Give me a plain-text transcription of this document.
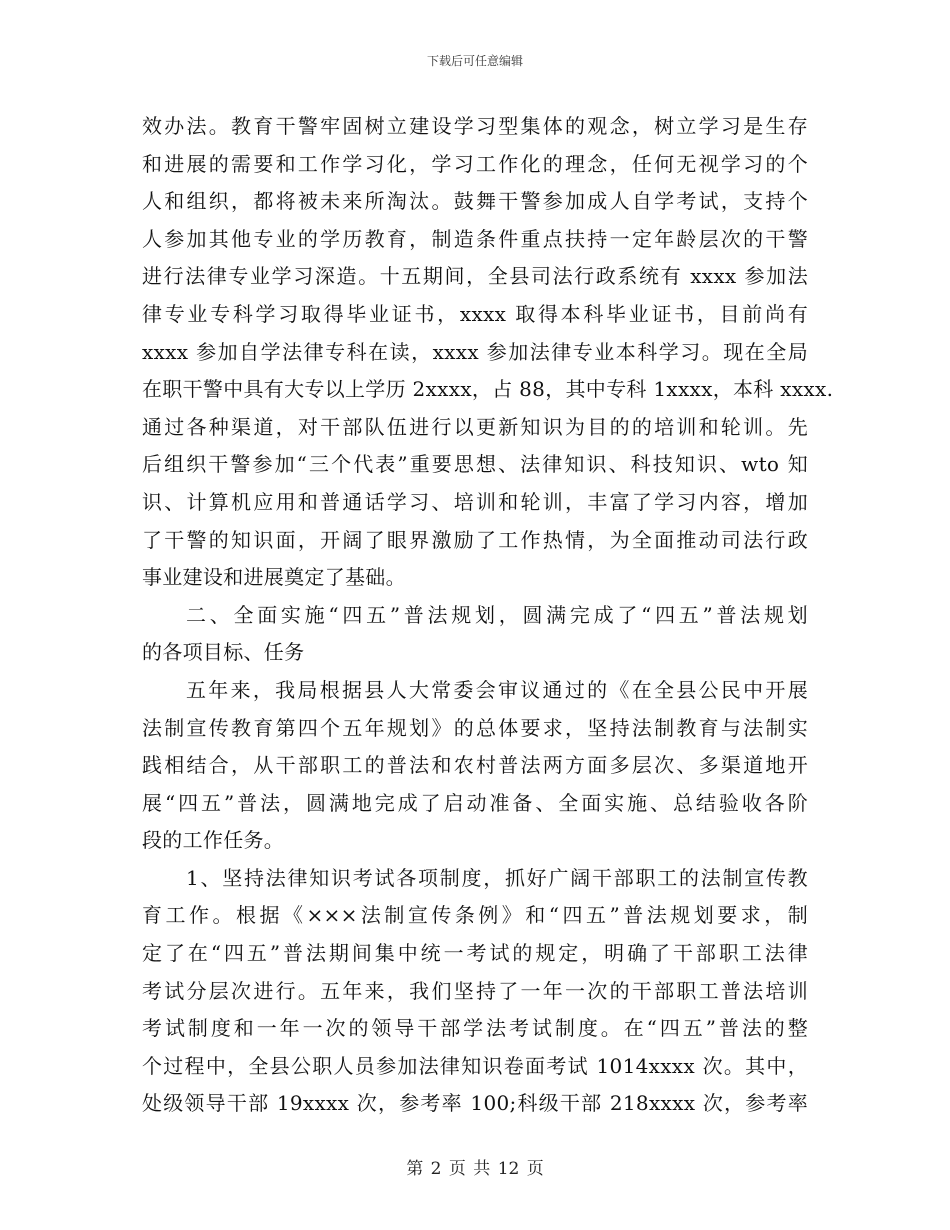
下载后可任意编辑
效办法。教育干警牢固树立建设学习型集体的观念，树立学习是生存
和进展的需要和工作学习化，学习工作化的理念，任何无视学习的个
人和组织，都将被未来所淘汰。鼓舞干警参加成人自学考试，支持个
人参加其他专业的学历教育，制造条件重点扶持一定年龄层次的干警
进行法律专业学习深造。十五期间，全县司法行政系统有 xxxx 参加法
律专业专科学习取得毕业证书，xxxx 取得本科毕业证书，目前尚有
xxxx 参加自学法律专科在读，xxxx 参加法律专业本科学习。现在全局
在职干警中具有大专以上学历 2xxxx，占 88，其中专科 1xxxx，本科 xxxx.
通过各种渠道，对干部队伍进行以更新知识为目的的培训和轮训。先
后组织干警参加“三个代表”重要思想、法律知识、科技知识、wto 知
识、计算机应用和普通话学习、培训和轮训，丰富了学习内容，增加
了干警的知识面，开阔了眼界激励了工作热情，为全面推动司法行政
事业建设和进展奠定了基础。
二、全面实施“四五”普法规划，圆满完成了“四五”普法规划
的各项目标、任务
五年来，我局根据县人大常委会审议通过的《在全县公民中开展
法制宣传教育第四个五年规划》的总体要求，坚持法制教育与法制实
践相结合，从干部职工的普法和农村普法两方面多层次、多渠道地开
展“四五”普法，圆满地完成了启动准备、全面实施、总结验收各阶
段的工作任务。
1、坚持法律知识考试各项制度，抓好广阔干部职工的法制宣传教
育工作。根据《×××法制宣传条例》和“四五”普法规划要求，制
定了在“四五”普法期间集中统一考试的规定，明确了干部职工法律
考试分层次进行。五年来，我们坚持了一年一次的干部职工普法培训
考试制度和一年一次的领导干部学法考试制度。在“四五”普法的整
个过程中，全县公职人员参加法律知识卷面考试 1014xxxx 次。其中，
处级领导干部 19xxxx 次，参考率 100;科级干部 218xxxx 次，参考率
第 2 页 共 12 页
